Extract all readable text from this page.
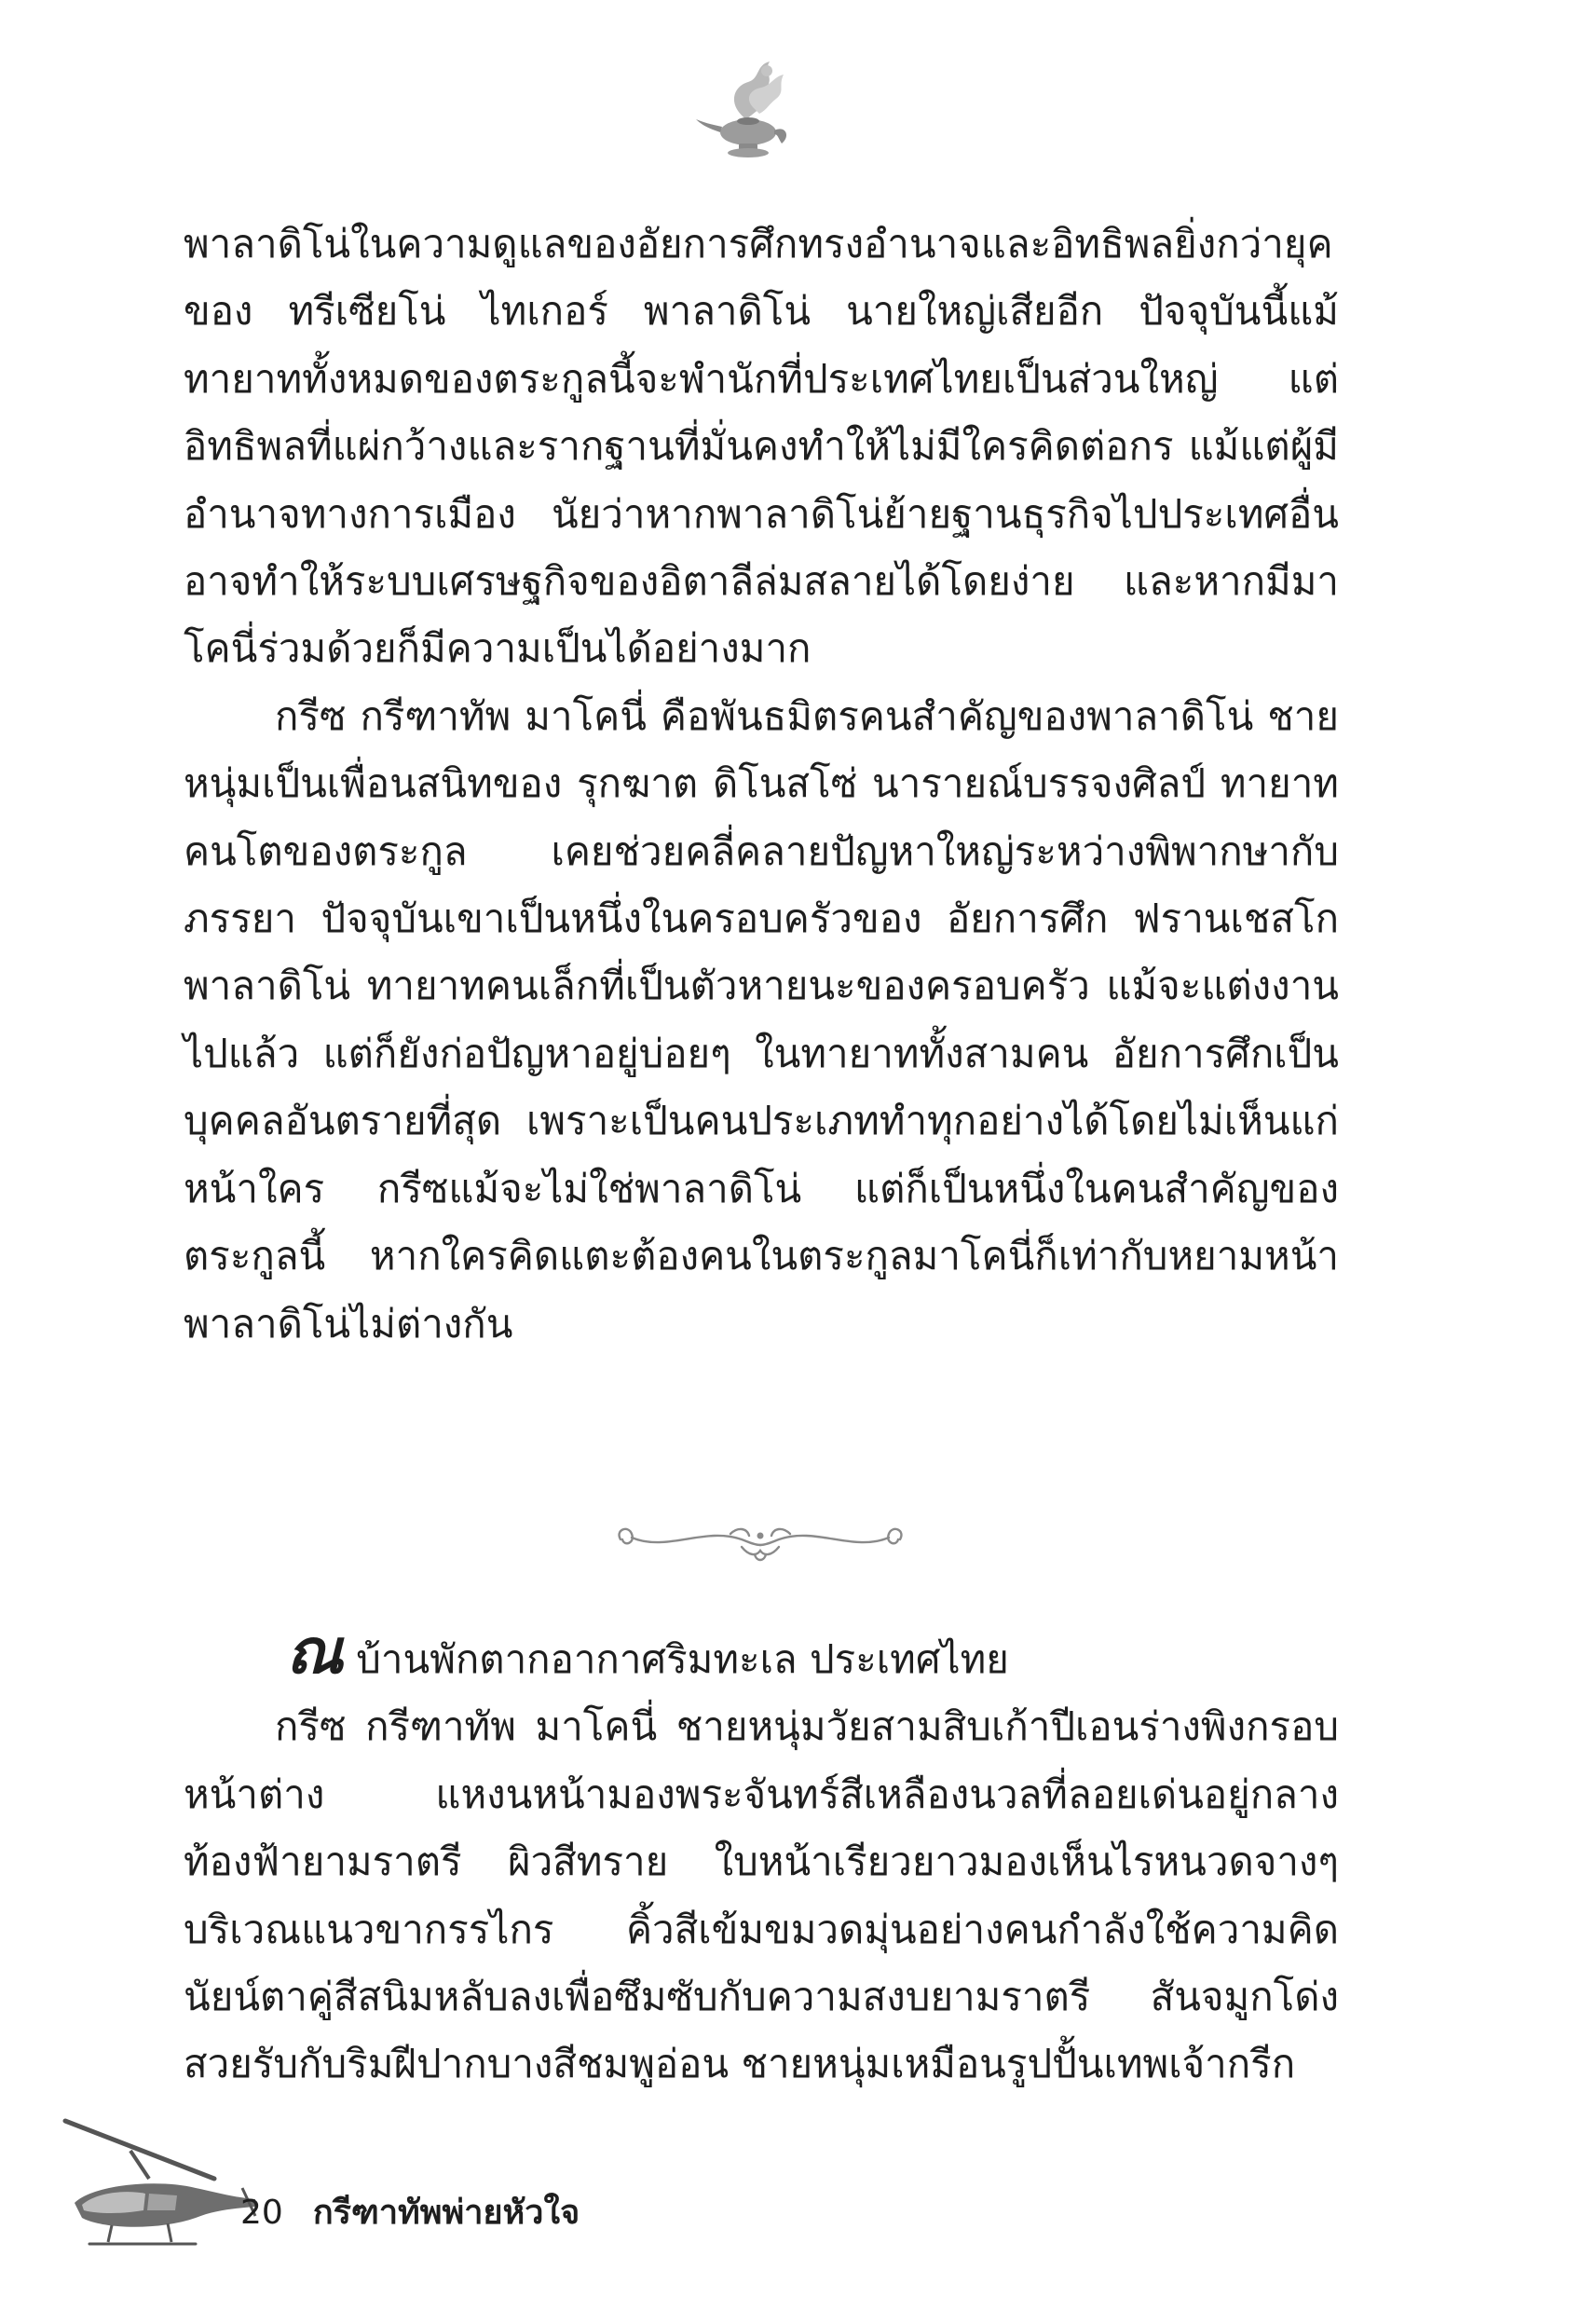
พาลาดิโน่ในความดูแลของอัยการศึกทรงอำนาจและอิทธิพลยิ่งกว่ายุคของ ทรีเซียโน่ ไทเกอร์ พาลาดิโน่ นายใหญ่เสียอีก ปัจจุบันนี้แม้ทายาททั้งหมดของตระกูลนี้จะพำนักที่ประเทศไทยเป็นส่วนใหญ่ แต่อิทธิพลที่แผ่กว้างและรากฐานที่มั่นคงทำให้ไม่มีใครคิดต่อกร แม้แต่ผู้มีอำนาจทางการเมือง นัยว่าหากพาลาดิโน่ย้ายฐานธุรกิจไปประเทศอื่นอาจทำให้ระบบเศรษฐกิจของอิตาลีล่มสลายได้โดยง่าย และหากมีมาโคนี่ร่วมด้วยก็มีความเป็นได้อย่างมาก

กรีซ กรีฑาทัพ มาโคนี่ คือพันธมิตรคนสำคัญของพาลาดิโน่ ชายหนุ่มเป็นเพื่อนสนิทของ รุกฆาต ดิโนสโซ่ นารายณ์บรรจงศิลป์ ทายาทคนโตของตระกูล เคยช่วยคลี่คลายปัญหาใหญ่ระหว่างพิพากษากับภรรยา ปัจจุบันเขาเป็นหนึ่งในครอบครัวของ อัยการศึก ฟรานเชสโก พาลาดิโน่ ทายาทคนเล็กที่เป็นตัวหายนะของครอบครัว แม้จะแต่งงานไปแล้ว แต่ก็ยังก่อปัญหาอยู่บ่อยๆ ในทายาททั้งสามคน อัยการศึกเป็นบุคคลอันตรายที่สุด เพราะเป็นคนประเภททำทุกอย่างได้โดยไม่เห็นแก่หน้าใคร กรีซแม้จะไม่ใช่พาลาดิโน่ แต่ก็เป็นหนึ่งในคนสำคัญของตระกูลนี้ หากใครคิดแตะต้องคนในตระกูลมาโคนี่ก็เท่ากับหยามหน้าพาลาดิโน่ไม่ต่างกัน

ณบ้านพักตากอากาศริมทะเล ประเทศไทย

กรีซ กรีฑาทัพ มาโคนี่ ชายหนุ่มวัยสามสิบเก้าปีเอนร่างพิงกรอบหน้าต่าง แหงนหน้ามองพระจันทร์สีเหลืองนวลที่ลอยเด่นอยู่กลางท้องฟ้ายามราตรี ผิวสีทราย ใบหน้าเรียวยาวมองเห็นไรหนวดจางๆ บริเวณแนวขากรรไกร คิ้วสีเข้มขมวดมุ่นอย่างคนกำลังใช้ความคิด นัยน์ตาคู่สีสนิมหลับลงเพื่อซึมซับกับความสงบยามราตรี สันจมูกโด่งสวยรับกับริมฝีปากบางสีชมพูอ่อน ชายหนุ่มเหมือนรูปปั้นเทพเจ้ากรีก

20 กรีฑาทัพพ่ายหัวใจ
